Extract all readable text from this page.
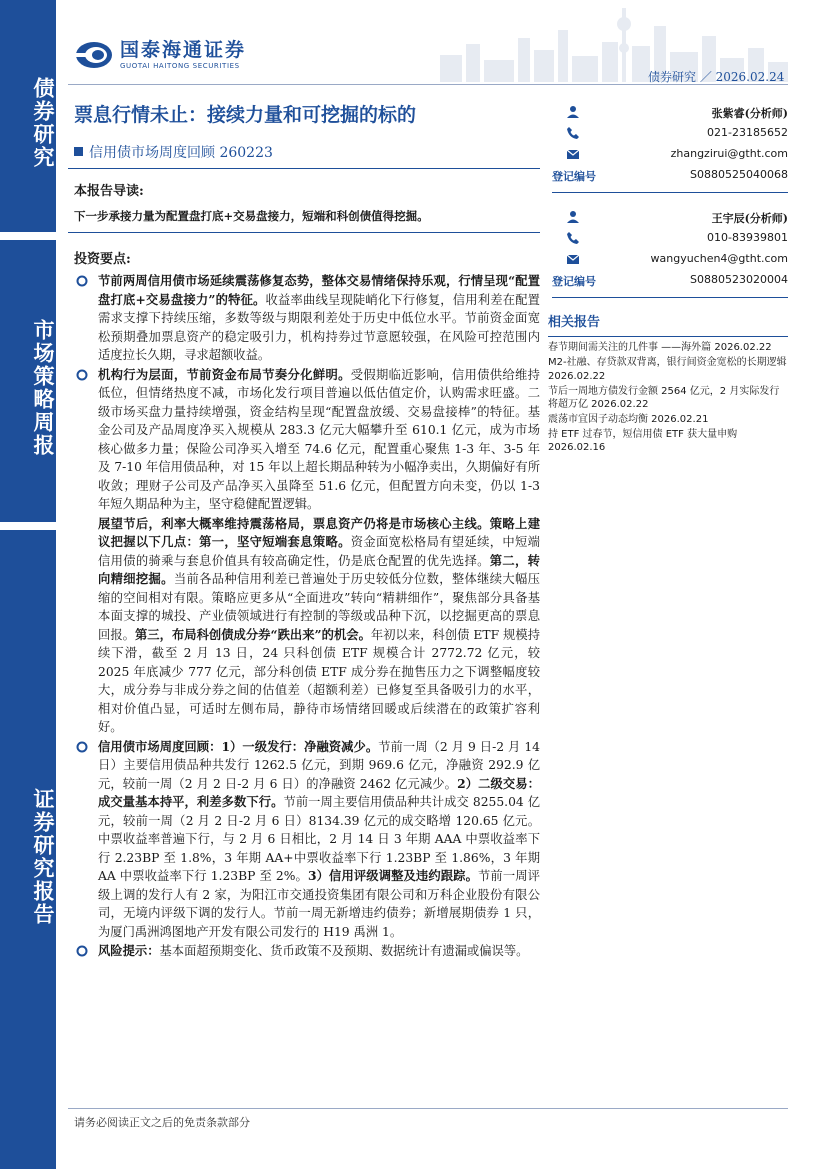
债券研究
市场策略周报
证券研究报告
国泰海通证券
GUOTAI HAITONG SECURITIES
债券研究 ／ 2026.02.24
票息行情未止：接续力量和可挖掘的标的
信用债市场周度回顾 260223
本报告导读:
下一步承接力量为配置盘打底+交易盘接力，短端和科创债值得挖掘。
投资要点:
节前两周信用债市场延续震荡修复态势，整体交易情绪保持乐观，行情呈现“配置盘打底+交易盘接力”的特征。收益率曲线呈现陡峭化下行修复，信用利差在配置需求支撑下持续压缩，多数等级与期限利差处于历史中低位水平。节前资金面宽松预期叠加票息资产的稳定吸引力，机构持券过节意愿较强，在风险可控范围内适度拉长久期，寻求超额收益。
机构行为层面，节前资金布局节奏分化鲜明。受假期临近影响，信用债供给维持低位，但情绪热度不减，市场化发行项目普遍以低估值定价，认购需求旺盛。二级市场买盘力量持续增强，资金结构呈现“配置盘放缓、交易盘接棒”的特征。基金公司及产品周度净买入规模从 283.3 亿元大幅攀升至 610.1 亿元，成为市场核心做多力量；保险公司净买入增至 74.6 亿元，配置重心聚焦 1-3 年、3-5 年及 7-10 年信用债品种，对 15 年以上超长期品种转为小幅净卖出，久期偏好有所收敛；理财子公司及产品净买入虽降至 51.6 亿元，但配置方向未变，仍以 1-3 年短久期品种为主，坚守稳健配置逻辑。
展望节后，利率大概率维持震荡格局，票息资产仍将是市场核心主线。策略上建议把握以下几点：第一，坚守短端套息策略。资金面宽松格局有望延续，中短端信用债的骑乘与套息价值具有较高确定性，仍是底仓配置的优先选择。第二，转向精细挖掘。当前各品种信用利差已普遍处于历史较低分位数，整体继续大幅压缩的空间相对有限。策略应更多从“全面进攻”转向“精耕细作”，聚焦部分具备基本面支撑的城投、产业债领域进行有控制的等级或品种下沉，以挖掘更高的票息回报。第三，布局科创债成分券“跌出来”的机会。年初以来，科创债 ETF 规模持续下滑，截至 2 月 13 日，24 只科创债 ETF 规模合计 2772.72 亿元，较 2025 年底减少 777 亿元，部分科创债 ETF 成分券在抛售压力之下调整幅度较大，成分券与非成分券之间的估值差（超额利差）已修复至具备吸引力的水平，相对价值凸显，可适时左侧布局，静待市场情绪回暖或后续潜在的政策扩容利好。
信用债市场周度回顾：1）一级发行：净融资减少。节前一周（2 月 9 日-2 月 14 日）主要信用债品种共发行 1262.5 亿元，到期 969.6 亿元，净融资 292.9 亿元，较前一周（2 月 2 日-2 月 6 日）的净融资 2462 亿元减少。2）二级交易：成交量基本持平，利差多数下行。节前一周主要信用债品种共计成交 8255.04 亿元，较前一周（2 月 2 日-2 月 6 日）8134.39 亿元的成交略增 120.65 亿元。中票收益率普遍下行，与 2 月 6 日相比，2 月 14 日 3 年期 AAA 中票收益率下行 2.23BP 至 1.8%，3 年期 AA+中票收益率下行 1.23BP 至 1.86%，3 年期 AA 中票收益率下行 1.23BP 至 2%。3）信用评级调整及违约跟踪。节前一周评级上调的发行人有 2 家，为阳江市交通投资集团有限公司和万科企业股份有限公司，无境内评级下调的发行人。节前一周无新增违约债券；新增展期债券 1 只，为厦门禹洲鸿图地产开发有限公司发行的 H19 禹洲 1。
风险提示：基本面超预期变化、货币政策不及预期、数据统计有遗漏或偏误等。
张紫睿(分析师)
021-23185652
zhangzirui@gtht.com
登记编号	S0880525040068
王宇辰(分析师)
010-83939801
wangyuchen4@gtht.com
登记编号	S0880523020004
相关报告
春节期间需关注的几件事 ——海外篇 2026.02.22
M2-社融、存贷款双背离，银行间资金宽松的长期逻辑 2026.02.22
节后一周地方债发行金额 2564 亿元，2 月实际发行将超万亿 2026.02.22
震荡市宜因子动态均衡 2026.02.21
持 ETF 过春节，短信用债 ETF 获大量申购 2026.02.16
请务必阅读正文之后的免责条款部分
